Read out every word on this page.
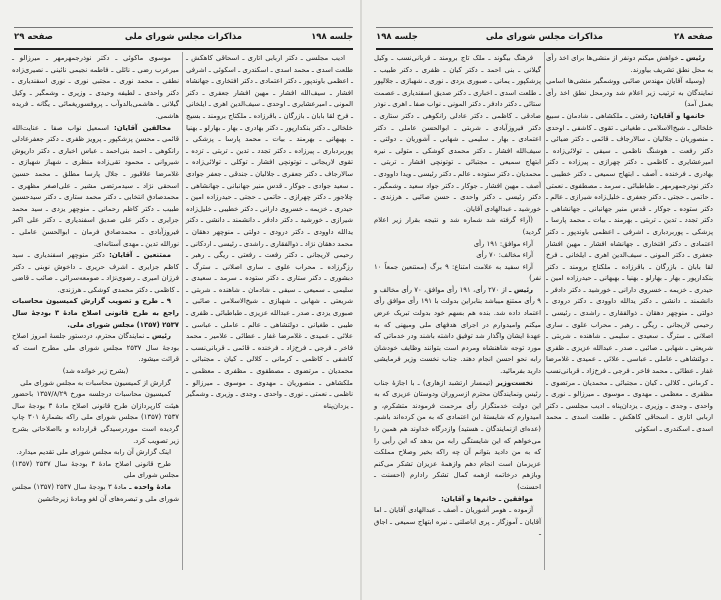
جلسه ۱۹۸
مذاکرات مجلس شورای ملی
صفحه ۲۹

ادیب مجلسی ـ دکتر اربابی اتاری ـ اسحاقی کاهکش ـ طلعت اسدی ـ محمد اسدی ـ اسکندری ـ اسکوئی ـ اشرفی ـ اعظمی باوندپور ـ دکتر اعتمادی ـ دکتر افتخاری ـ جهانشاه افشار ـ سیف‌الله افشار ـ مهین افشار جعفری ـ دکتر المونی ـ امیرعشایری ـ اوحدی ـ سیف‌الدین اهری ـ ایلخانی ـ فرخ لقا بابان ـ بازرگان ـ باقرزاده ـ ملکتاج برومند ـ بسیج خلخالی ـ دکتر بنکدارپور ـ دکتر بهادری ـ بهار ـ بهارلو ـ بهنیا ـ بهبهانی ـ بهرمند ـ بیات ـ محمد پارسا ـ پزشکی ـ پوربردباری ـ پیرزاده ـ دکتر تجدد ـ تدین ـ تربتی ـ تزده ـ تقوی لاریجانی ـ توتونچی افشار ـ توکلی ـ تولائی‌زاده ـ سالارجاف ـ دکتر جعفری ـ جلالیان ـ جندقی ـ جعفر جوادی ـ سعید جوادی ـ جوکار ـ قدس منیر جهانبانی ـ جهانشاهی ـ چلاجور ـ دکتر چهرازی ـ حاتمی ـ حجتی ـ حیدرزاده امین ـ حیدری ـ خزیمه ـ خسروی دارانی ـ دکتر خطیبی ـ خلیل‌زاده شیرازی ـ خورشید ـ دکتر دادفر ـ دانشمند ـ دانشی ـ دکتر یدالله داوودی ـ دکتر درودی ـ دولتی ـ منوچهر دهقان ـ محمد دهقان نژاد ـ ذوالفقاری ـ راشدی ـ رئیسی ـ اردکانی ـ رحیمی لاریجانی ـ دکتر رفعت ـ رفعتی ـ ریگی ـ رهبر ـ رزگرزاده ـ محراب علوی ـ ساری اصلانی ـ سترگ ـ دبشوری ـ دکتر ستاری ـ دکتر ستوده ـ سرمد ـ سعیدی ـ سلیمی ـ سمیعی ـ سیفی ـ شادمان ـ شاهنده ـ شربتی ـ شریعتی ـ شهابی ـ شهبازی ـ شیخ‌الاسلامی ـ صائبی ـ صبوری یزدی ـ صدر ـ عبدالله عزیزی ـ طباطبائی ـ ظفری ـ طیبی ـ طغیانی ـ دولتشاهی ـ عالم ـ عاملی ـ عباسی ـ علائی ـ عمیدی ـ غلامرضا غفار ـ عطائی ـ علامیر ـ محمد فاخر ـ فرجی ـ فرخ‌زاد ـ فرخنده ـ قائمی ـ قربانی‌نسب ـ کاشفی ـ کاظمی ـ کرمانی ـ کلالی ـ کیان ـ مجتبائی ـ محمدیان ـ مرتضوی ـ مصطفوی ـ مظفری ـ معظمی ـ ملکشاهی ـ منصوریان ـ مهدوی ـ موسوی ـ میرزالو ـ ناظمی ـ نعمتی ـ نوری ـ واحدی ـ وجدی ـ وزیری ـ وشمگیر ـ یزدان‌پناه

موسوی ماکوئی ـ دکتر نوذرجمهرمهر ـ میرزالو ـ میرعرب رضی ـ نائلی ـ فاطمه نجیمی نائینی ـ نصیری‌زاده نطقی ـ محمد نوری ـ مجتبی نوری ـ نوری اسفندیاری ـ دکتر واحدی ـ لطیفه وحیدی ـ وزیری ـ وشمگیر ـ وکیل گیلانی ـ هاشمی‌بالدوآب ـ پروفسوریغمائی ـ یگانه ـ فریده هاشمی.

مخالفین آقایان: اسمعیل نواب صفا ـ عنایت‌الله قائمی ـ محسن پزشکپور ـ پرویز ظفری ـ دکتر جعفرعادلی رانکوهی ـ احمد بنی‌احمد ـ عباس اخباری ـ دکتر داریوش شیروانی ـ محمود تقی‌زاده منظری ـ شهباز شهبازی ـ غلامرضا علاقبور ـ جلال پارسا مطلق ـ محمد حسین اسحقی نژاد ـ سیدمرتضی مشیر ـ علی‌اصغر مظهری ـ محمدصادق انتخابی ـ دکتر محمد ستاری ـ دکتر سیدحسین طبیب ـ دکتر کاظم رحمانی ـ منوچهر یزدی ـ سید محمد جزایری ـ دکتر علی صدیق اسفندیاری ـ دکتر علی اکبر فیروزآبادی ـ محمدصادق فرمان ـ ابوالحسن عاملی ـ نورالله تدین ـ مهدی آستانه‌ای.

ممتنعین ـ آقایان: دکتر منوچهر اسفندیاری ـ سید کاظم جزایری ـ اشرف حریری ـ داخوش نوبنی ـ دکتر فرزان امیری ـ رضوی‌نژاد ـ صومعه‌سرائی ـ صائب ـ قاضی ـ کاظمی ـ دکتر محمدی کوشکی ـ هرزندی.

۹ ـ طرح و تصویب گزارش کمیسیون محاسبات راجع به طرح قانونی اصلاح مادهٔ ۳ بودجهٔ سال ۲۵۳۷ (۱۳۵۷) مجلس شورای ملی.

رئیس ـ نمایندگان محترم، دردستور جلسهٔ امروز اصلاح بودجهٔ سال ۲۵۳۷ مجلس شورای ملی مطرح است که قرائت میشود.

(بشرح زیر خوانده شد)

گزارش از کمیسیون محاسبات به مجلس شورای ملی

کمیسیون محاسبات درجلسه مورخ ۱۳۵۷/۸/۲۹ باحضور هیئت کارپردازان طرح قانونی اصلاح مادهٔ ۳ بودجهٔ سال ۲۵۳۷ (۱۳۵۷) مجلس شورای ملی راکه بشمارهٔ ۳۰۱ چاپ گردیده است موردرسیدگی قرارداده و بااصلاحاتی بشرح زیر تصویب کرد.

اینک گزارش آن رابه مجلس شورای ملی تقدیم میدارد.

طرح قانونی اصلاح مادهٔ ۳ بودجهٔ سال ۲۵۳۷ (۱۳۵۷) مجلس شورای ملی

مادهٔ واحده ـ مادهٔ ۳ بودجهٔ سال ۲۵۳۷ (۱۳۵۷) مجلس شورای ملی و تبصره‌های آن لغو ومادهٔ زیرجانشین

صفحه ۲۸
مذاکرات مجلس شورای ملی
جلسه ۱۹۸

رئیس ـ خواهش میکنم دونفر از منشی‌ها برای اخذ رأی به محل نطق تشریف بیاورند.

(وسیله آقایان مهندس صائبی ووشمگیر منشی‌ها اسامی نمایندگان به ترتیب زیر اعلام شد ودرمحل نطق اخذ رأی بعمل آمد)

خانمها و آقایان: رفعتی ـ ملکشاهی ـ شادمان ـ سبیع خلخالی ـ شیخ‌الاسلامی ـ طغیانی ـ تقوی ـ کاشفی ـ اوحدی ـ منصوریان ـ جلالیان ـ سالارجاف ـ قائمی ـ دکتر ضیائی ـ دکتر رفعت ـ هوشنگ ناظمی ـ سیفی ـ تولائی‌زاده ـ امیرعشایری ـ کاظمی ـ دکتر چهرازی ـ پیرزاده ـ دکتر بهادری ـ فرخنده ـ آصف ـ ابتهاج سمیعی ـ دکتر خطیبی ـ دکتر نوذرجمهرمهر ـ طباطبائی ـ سرمد ـ مصطفوی ـ نعمتی ـ حاتمی ـ حجتی ـ دکتر جعفری ـ خلیل‌زاده شیرازی ـ عالم ـ دکتر ستوده ـ جوکار ـ قدس منیر جهانبانی ـ جهانشاهی ـ دکتر تجدد ـ تدین ـ تربتی ـ بهرمند ـ بیات ـ محمد پارسا ـ پزشکی ـ پوربردباری ـ اشرفی ـ اعظمی باوندپور ـ دکتر اعتمادی ـ دکتر افتخاری ـ جهانشاه افشار ـ مهین افشار جعفری ـ دکتر المونی ـ سیف‌الدین اهری ـ ایلخانی ـ فرخ لقا بابان ـ بازرگان ـ باقرزاده ـ ملکتاج برومند ـ دکتر بنکدارپور ـ بهار ـ بهارلو ـ بهنیا ـ بهبهانی ـ حیدرزاده امین ـ حیدری ـ خزیمه ـ خسروی دارانی ـ خورشید ـ دکتر دادفر ـ دانشمند ـ دانشی ـ دکتر یدالله داوودی ـ دکتر درودی ـ دولتی ـ منوچهر دهقان ـ ذوالفقاری ـ راشدی ـ رئیسی ـ رحیمی لاریجانی ـ ریگی ـ رهبر ـ محراب علوی ـ ساری اصلانی ـ سترگ ـ سعیدی ـ سلیمی ـ شاهنده ـ شربتی ـ شریعتی ـ شهابی ـ صائبی ـ صدر ـ عبدالله عزیزی ـ ظفری ـ دولتشاهی ـ عاملی ـ عباسی ـ علائی ـ عمیدی ـ غلامرضا غفار ـ عطائی ـ محمد فاخر ـ فرجی ـ فرخ‌زاد ـ قربانی‌نسب ـ کرمانی ـ کلالی ـ کیان ـ مجتبائی ـ محمدیان ـ مرتضوی ـ مظفری ـ معظمی ـ مهدوی ـ موسوی ـ میرزالو ـ نوری ـ واحدی ـ وجدی ـ وزیری ـ یزدان‌پناه ـ ادیب مجلسی ـ دکتر اربابی اتاری ـ اسحاقی کاهکش ـ طلعت اسدی ـ محمد اسدی ـ اسکندری ـ اسکوئی

فرهنگ بیگوند ـ ملک تاج برومند ـ قربانی‌نسب ـ وکیل گیلانی ـ بنی احمد ـ دکتر کیان ـ ظفری ـ دکتر طبیب ـ پزشکپور ـ یمانی ـ صبوری یزدی ـ نوری ـ شهبازی ـ جلالپور ـ طلعت اسدی ـ اخباری ـ دکتر صدیق اسفندیاری ـ عصمت ستائی ـ دکتر دادفر ـ دکتر المونی ـ نواب صفا ـ اهری ـ نوذر صادقی ـ کاظمی ـ دکتر عادلی رانکوهی ـ دکتر ستاری ـ دکتر فیروزآبادی ـ شربتی ـ ابوالحسن عاملی ـ دکتر اعتمادی ـ بهار ـ سلیمی ـ شهابی ـ آشوریان ـ دولتی ـ سیف‌الله افشار ـ دکتر محمدی کوشکی ـ متولی ـ نیره ابتهاج سمیعی ـ مجتبائی ـ توتونچی افشار ـ تربتی ـ محمدیان ـ دکتر ستوده ـ عالم ـ دکتر رئیسی ـ ویدا داوودی ـ آصف ـ مهین افشار ـ جوکار ـ دکتر جواد سعید ـ وشمگیر ـ دکتر رئیسی ـ دکتر واحدی ـ حسن صائبی ـ هرزندی ـ خورشید ـ عبدالهادی آقایان.

(آراء گرفته شد شماره شد و نتیجه بقرار زیر اعلام گردید)

آراء موافق: ۱۹۱ رأی

آراء مخالف: ۷۰ رأی

آراء سفید به علامت امتناع: ۹ برگ (ممتنعین جمعاً ۱۰ نفر)

رئیس ـ از ۲۷۰ رأی، ۱۹۱ رأی موافق، ۷۰ رأی مخالف و ۹ رأی ممتنع میباشد بنابراین بدولت با ۱۹۱ رأی موافق رأی اعتماد داده شد. بنده هم بسهم خود بدولت تبریک عرض میکنم وامیدوارم در اجرای هدفهای ملی ومیهنی که به عهدهٔ ایشان واگذار شد توفیق داشته باشند ودر خدماتی که مورد توجه شاهنشاه ومردم است بتوانند وظایف خودشان رابه نحو احسن انجام دهند. جناب نخست وزیر فرمایشی دارید بفرمائید.

نخست‌وزیر (تیمسار ارتشبد ازهاری) ـ با اجازهٔ جناب رئیس ونمایندگان محترم ازسروران ودوستان عزیزی که به این دولت خدمتگزار رأی مرحمت فرمودند متشکرم، و امیدوارم که شایستهٔ این اعتمادی که به من کرده‌اند باشم. (عده‌ای ازنمایندگان ـ هستید) وازدرگاه خداوند هم همین را می‌خواهم که این شایستگی رابه من بدهد که این رأیی را که به من دادید بتوانم آن چه راکه بخیر وصلاح مملکت عزیزمان است انجام دهم وازهمهٔ عزیزان تشکر می‌کنم وبازهم درخاتمه ازهمه کمال تشکر رادارم (احسنت ـ احسنت)

موافقین ـ خانم‌ها و آقایان:

آزموده ـ هومر آشوریان ـ آصف ـ عبدالهادی آقایان ـ اما آقایان ـ آموزگار ـ پری اباصلتی ـ نیره ابتهاج سمیعی ـ اجاق ـ
